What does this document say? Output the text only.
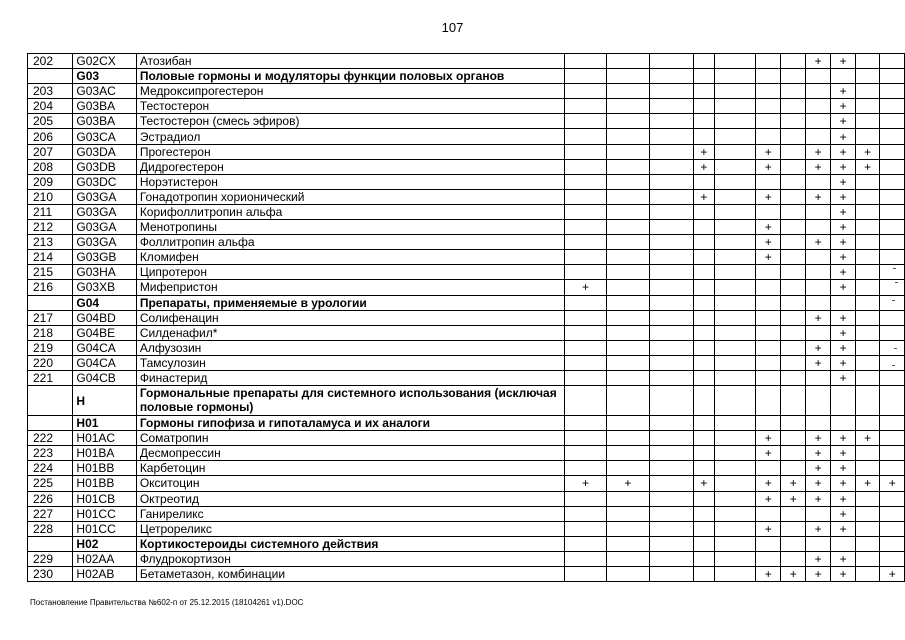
107
202	G02CX	Атозибан								+	+		
	G03	Половые гормоны и модуляторы функции половых органов											
203	G03AC	Медроксипрогестерон									+		
204	G03BA	Тестостерон									+		
205	G03BA	Тестостерон (смесь эфиров)									+		
206	G03CA	Эстрадиол									+		
207	G03DA	Прогестерон				+		+		+	+	+	
208	G03DB	Дидрогестерон				+		+		+	+	+	
209	G03DC	Норэтистерон									+		
210	G03GA	Гонадотропин хорионический				+		+		+	+		
211	G03GA	Корифоллитропин альфа									+		
212	G03GA	Менотропины						+			+		
213	G03GA	Фоллитропин альфа						+		+	+		
214	G03GB	Кломифен						+			+		
215	G03HA	Ципротерон									+		
216	G03XB	Мифепристон	+								+		
	G04	Препараты, применяемые в урологии											
217	G04BD	Солифенацин								+	+		
218	G04BE	Силденафил*									+		
219	G04CA	Алфузозин								+	+		
220	G04CA	Тамсулозин								+	+		
221	G04CB	Финастерид									+		
	H	Гормональные препараты для системного использования (исключая половые гормоны)											
	H01	Гормоны гипофиза и гипоталамуса и их аналоги											
222	H01AC	Соматропин						+		+	+	+	
223	H01BA	Десмопрессин						+		+	+		
224	H01BB	Карбетоцин								+	+		
225	H01BB	Окситоцин	+	+		+		+	+	+	+	+	+
226	H01CB	Октреотид						+	+	+	+		
227	H01CC	Ганиреликс									+		
228	H01CC	Цетрореликс						+		+	+		
	H02	Кортикостероиды системного действия											
229	H02AA	Флудрокортизон								+	+		
230	H02AB	Бетаметазон, комбинации						+	+	+	+		+
Постановление Правительства №602-п от 25.12.2015 (18104261 v1).DOC
